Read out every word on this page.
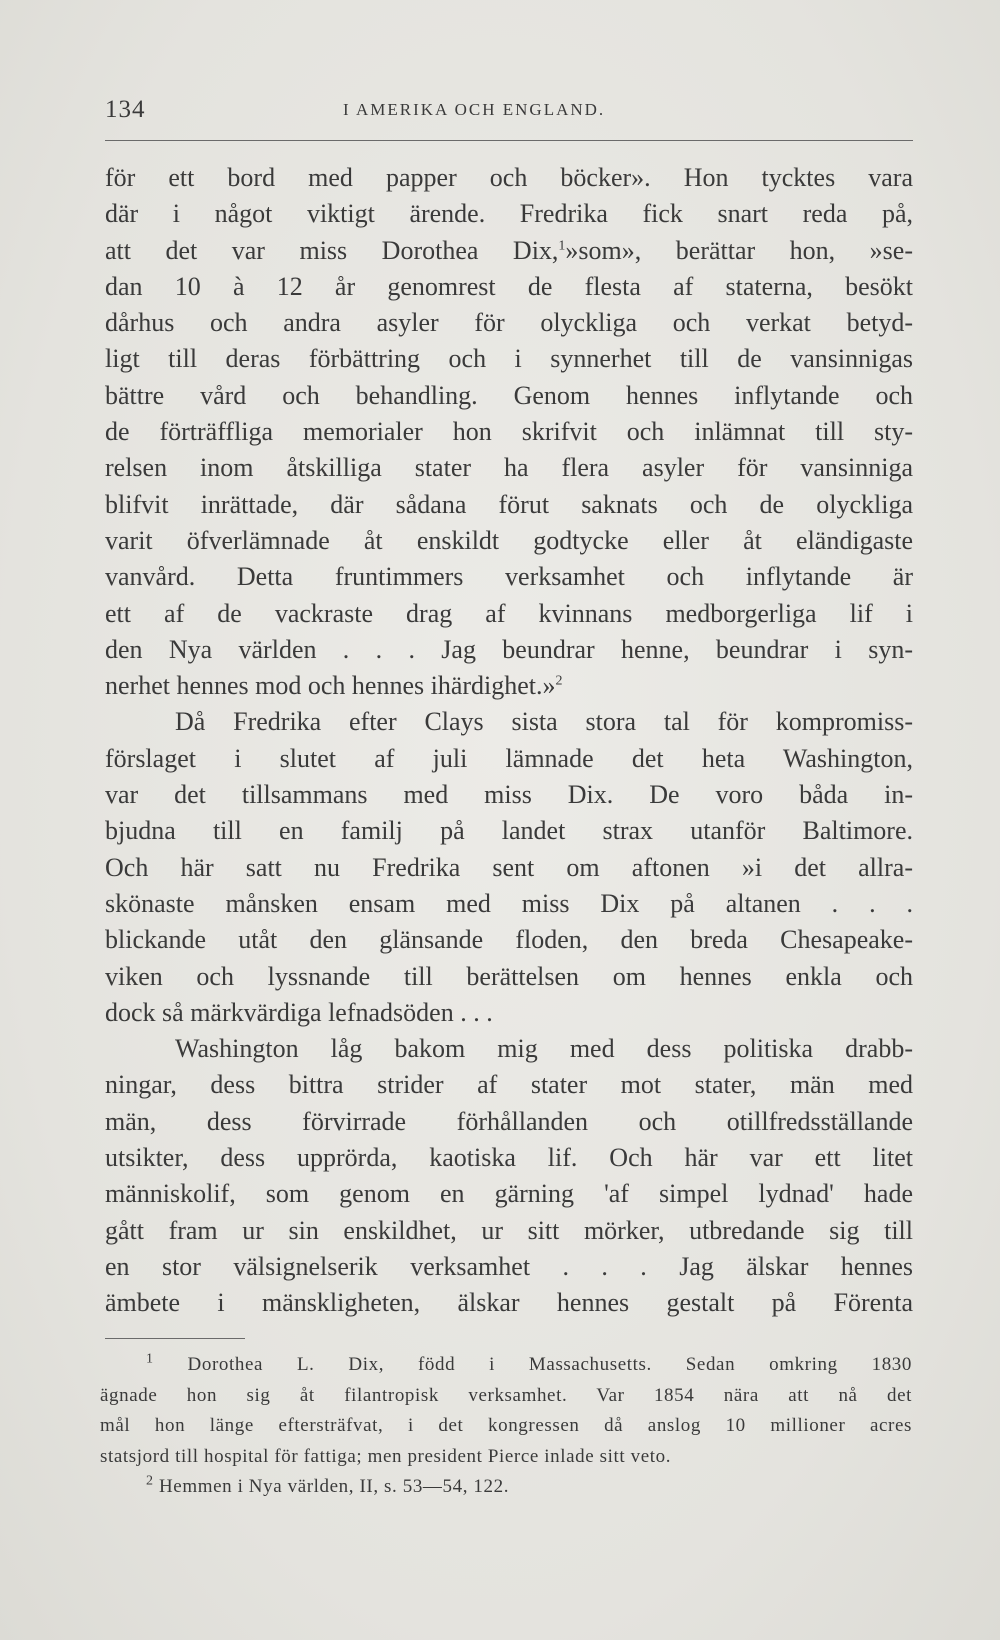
134	I AMERIKA OCH ENGLAND.
för ett bord med papper och böcker». Hon tycktes vara
där i något viktigt ärende. Fredrika fick snart reda på,
att det var miss Dorothea Dix,$^1$»som», berättar hon, »se-
dan 10 à 12 år genomrest de flesta af staterna, besökt
dårhus och andra asyler för olyckliga och verkat betyd-
ligt till deras förbättring och i synnerhet till de vansinnigas
bättre vård och behandling. Genom hennes inflytande och
de förträffliga memorialer hon skrifvit och inlämnat till sty-
relsen inom åtskilliga stater ha flera asyler för vansinniga
blifvit inrättade, där sådana förut saknats och de olyckliga
varit öfverlämnade åt enskildt godtycke eller åt eländigaste
vanvård. Detta fruntimmers verksamhet och inflytande är
ett af de vackraste drag af kvinnans medborgerliga lif i
den Nya världen . . . Jag beundrar henne, beundrar i syn-
nerhet hennes mod och hennes ihärdighet.»$^2$
Då Fredrika efter Clays sista stora tal för kompromiss-
förslaget i slutet af juli lämnade det heta Washington,
var det tillsammans med miss Dix. De voro båda in-
bjudna till en familj på landet strax utanför Baltimore.
Och här satt nu Fredrika sent om aftonen »i det allra-
skönaste månsken ensam med miss Dix på altanen . . .
blickande utåt den glänsande floden, den breda Chesapeake-
viken och lyssnande till berättelsen om hennes enkla och
dock så märkvärdiga lefnadsöden . . .
Washington låg bakom mig med dess politiska drabb-
ningar, dess bittra strider af stater mot stater, män med
män, dess förvirrade förhållanden och otillfredsställande
utsikter, dess upprörda, kaotiska lif. Och här var ett litet
människolif, som genom en gärning 'af simpel lydnad' hade
gått fram ur sin enskildhet, ur sitt mörker, utbredande sig till
en stor välsignelserik verksamhet . . . Jag älskar hennes
ämbete i mänskligheten, älskar hennes gestalt på Förenta
$^1$ Dorothea L. Dix, född i Massachusetts. Sedan omkring 1830
ägnade hon sig åt filantropisk verksamhet. Var 1854 nära att nå det
mål hon länge eftersträfvat, i det kongressen då anslog 10 millioner acres
statsjord till hospital för fattiga; men president Pierce inlade sitt veto.
$^2$ Hemmen i Nya världen, II, s. 53—54, 122.
